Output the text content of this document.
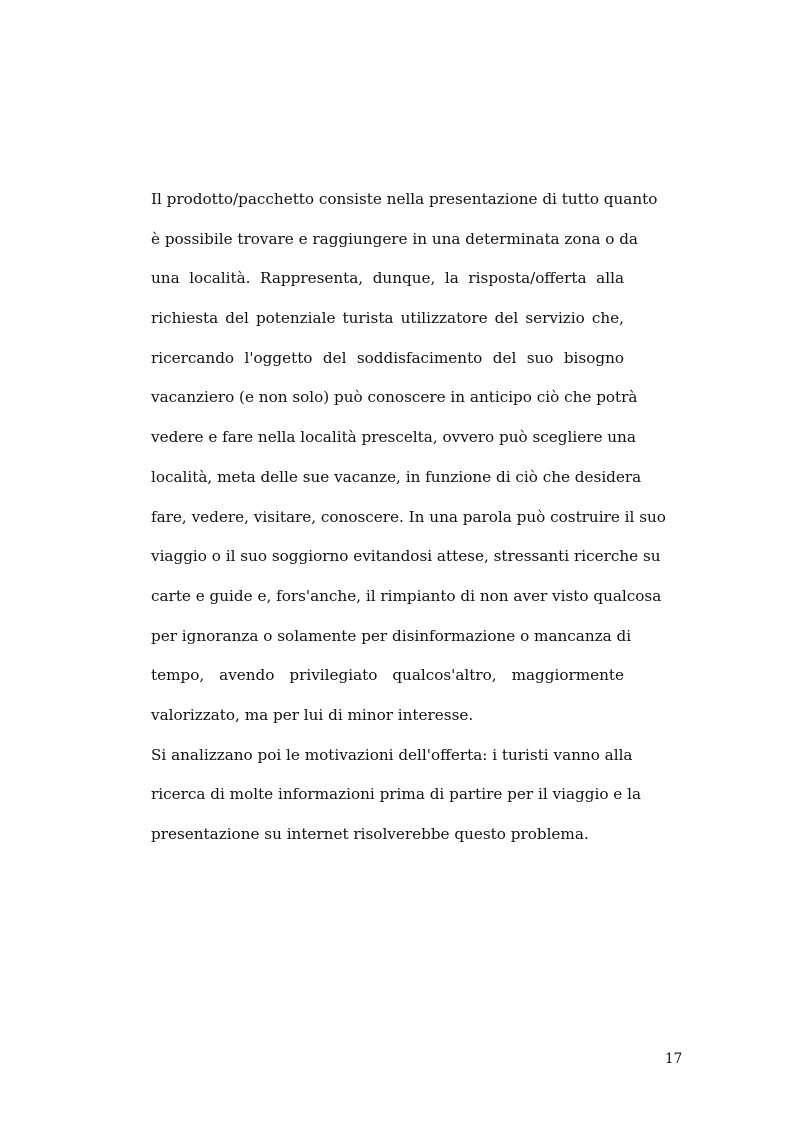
Il prodotto/pacchetto consiste nella presentazione di tutto quanto
è possibile trovare e raggiungere in una determinata zona o da
una località. Rappresenta, dunque, la risposta/offerta alla
richiesta del potenziale turista utilizzatore del servizio che,
ricercando l'oggetto del soddisfacimento del suo bisogno
vacanziero (e non solo) può conoscere in anticipo ciò che potrà
vedere e fare nella località prescelta, ovvero può scegliere una
località, meta delle sue vacanze, in funzione di ciò che desidera
fare, vedere, visitare, conoscere. In una parola può costruire il suo
viaggio o il suo soggiorno evitandosi attese, stressanti ricerche su
carte e guide e, fors'anche, il rimpianto di non aver visto qualcosa
per ignoranza o solamente per disinformazione o mancanza di
tempo, avendo privilegiato qualcos'altro, maggiormente
valorizzato, ma per lui di minor interesse.
Si analizzano poi le motivazioni dell'offerta: i turisti vanno alla
ricerca di molte informazioni prima di partire per il viaggio e la
presentazione su internet risolverebbe questo problema.
17
